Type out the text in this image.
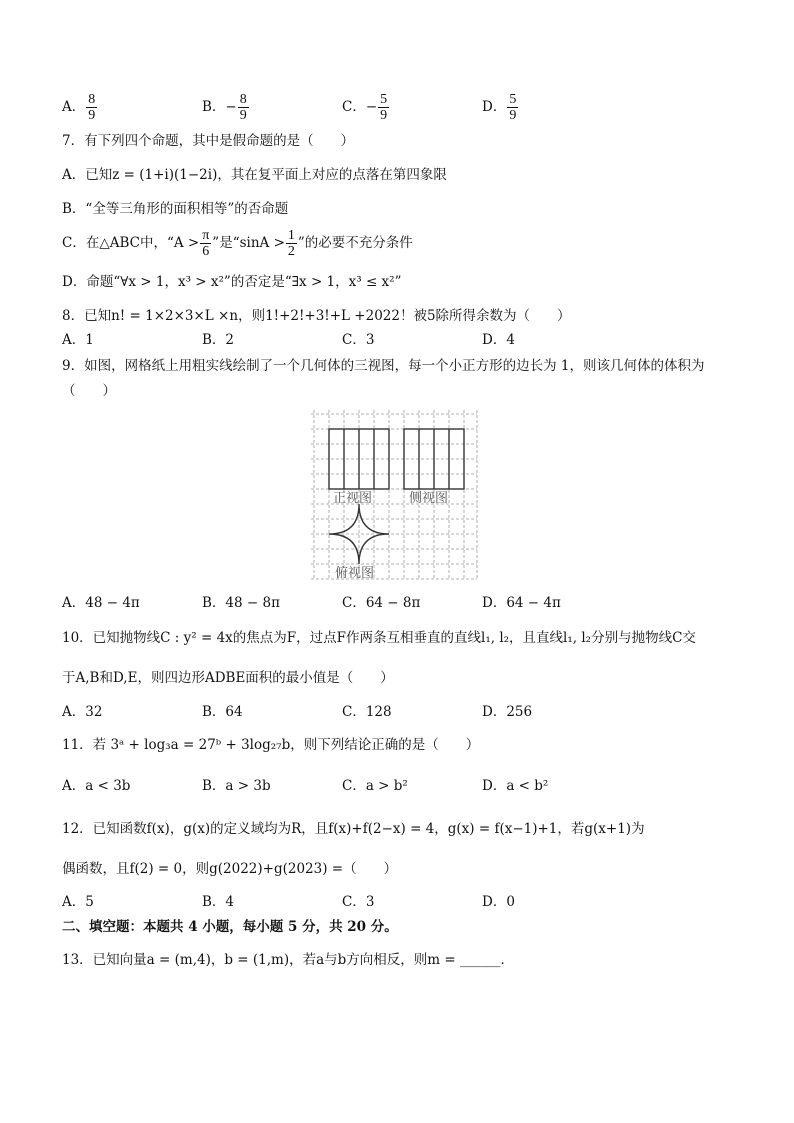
A． $\frac{8}{9}$	B．− $\frac{8}{9}$	C．− $\frac{5}{9}$	D． $\frac{5}{9}$
7．有下列四个命题，其中是假命题的是（　　）
A．已知z = (1+i)(1−2i)，其在复平面上对应的点落在第四象限
B．“全等三角形的面积相等”的否命题
C．在△ABC中，“$A > \frac{\pi}{6}$ ”是“$\sin A > \frac{1}{2}$ ”的必要不充分条件
D．命题“∀x > 1，x³ > x²”的否定是“∃x > 1，x³ ≤ x²”
8．已知n! = 1×2×3×L ×n，则1!+2!+3!+L +2022！被5除所得余数为（　　）
A．1	B．2	C．3	D．4
9．如图，网格纸上用粗实线绘制了一个几何体的三视图，每一个小正方形的边长为 1，则该几何体的体积为
（　　）
正视图	侧视图
俯视图
A．48 − 4π	B．48 − 8π	C．64 − 8π	D．64 − 4π
10．已知抛物线C : y² = 4x的焦点为F，过点F作两条互相垂直的直线l₁, l₂，且直线l₁, l₂分别与抛物线C交
于A,B和D,E，则四边形ADBE面积的最小值是（　　）
A．32	B．64	C．128	D．256
11．若 3ᵃ + log₃a = 27ᵇ + 3log₂₇b，则下列结论正确的是（　　）
A．a < 3b	B．a > 3b	C．a > b²	D．a < b²
12．已知函数f(x)，g(x)的定义域均为R，且f(x)+f(2−x) = 4，g(x) = f(x−1)+1，若g(x+1)为
偶函数，且f(2) = 0，则g(2022)+g(2023) =（　　）
A．5	B．4	C．3	D．0
二、填空题：本题共 4 小题，每小题 5 分，共 20 分。
13．已知向量a = (m,4)，b = (1,m)，若a与b方向相反，则m = ______．
